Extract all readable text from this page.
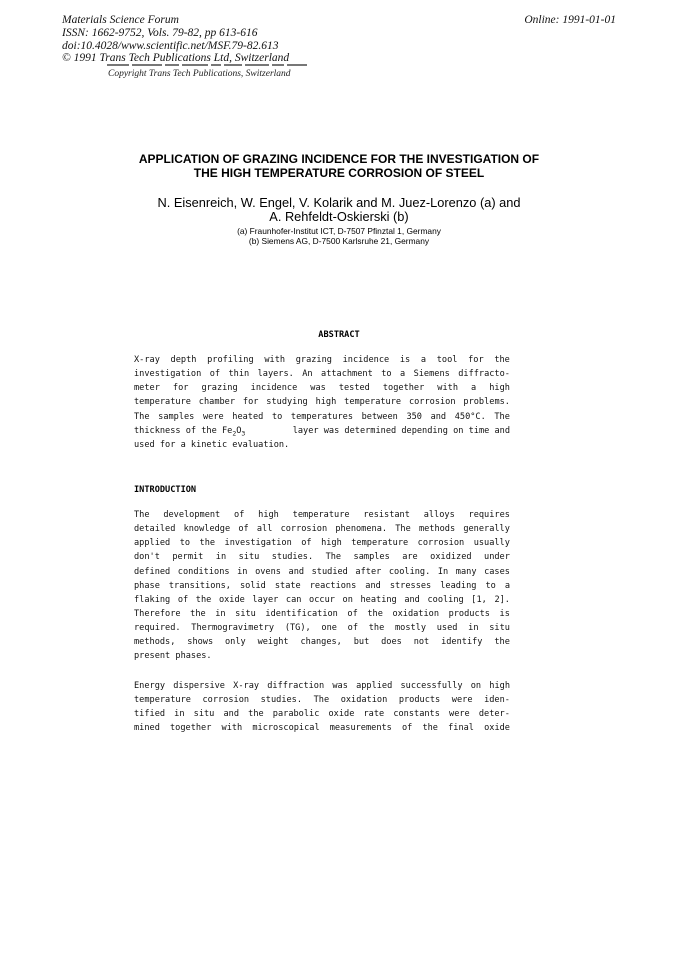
Materials Science Forum
ISSN: 1662-9752, Vols. 79-82, pp 613-616
doi:10.4028/www.scientific.net/MSF.79-82.613
© 1991 Trans Tech Publications Ltd, Switzerland
Online: 1991-01-01
Copyright Trans Tech Publications, Switzerland
APPLICATION OF GRAZING INCIDENCE FOR THE INVESTIGATION OF
THE HIGH TEMPERATURE CORROSION OF STEEL
N. Eisenreich, W. Engel, V. Kolarik and M. Juez-Lorenzo (a) and
A. Rehfeldt-Oskierski (b)
(a) Fraunhofer-Institut ICT, D-7507 Pfinztal 1, Germany
(b) Siemens AG, D-7500 Karlsruhe 21, Germany
ABSTRACT
X-ray depth profiling with grazing incidence is a tool for the
investigation of thin layers. An attachment to a Siemens diffracto-
meter for grazing incidence was tested together with a high
temperature chamber for studying high temperature corrosion problems.
The samples were heated to temperatures between 350 and 450°C. The
thickness of the $Fe_2O_3$	layer was determined depending on time and
used for a kinetic evaluation.
INTRODUCTION
The development of high temperature resistant alloys requires
detailed knowledge of all corrosion phenomena. The methods generally
applied to the investigation of high temperature corrosion usually
don't permit in situ studies. The samples are oxidized under
defined conditions in ovens and studied after cooling. In many cases
phase transitions, solid state reactions and stresses leading to a
flaking of the oxide layer can occur on heating and cooling [1, 2].
Therefore the in situ identification of the oxidation products is
required. Thermogravimetry (TG), one of the mostly used in situ
methods, shows only weight changes, but does not identify the
present phases.
Energy dispersive X-ray diffraction was applied successfully on high
temperature corrosion studies. The oxidation products were iden-
tified in situ and the parabolic oxide rate constants were deter-
mined together with microscopical measurements of the final oxide
